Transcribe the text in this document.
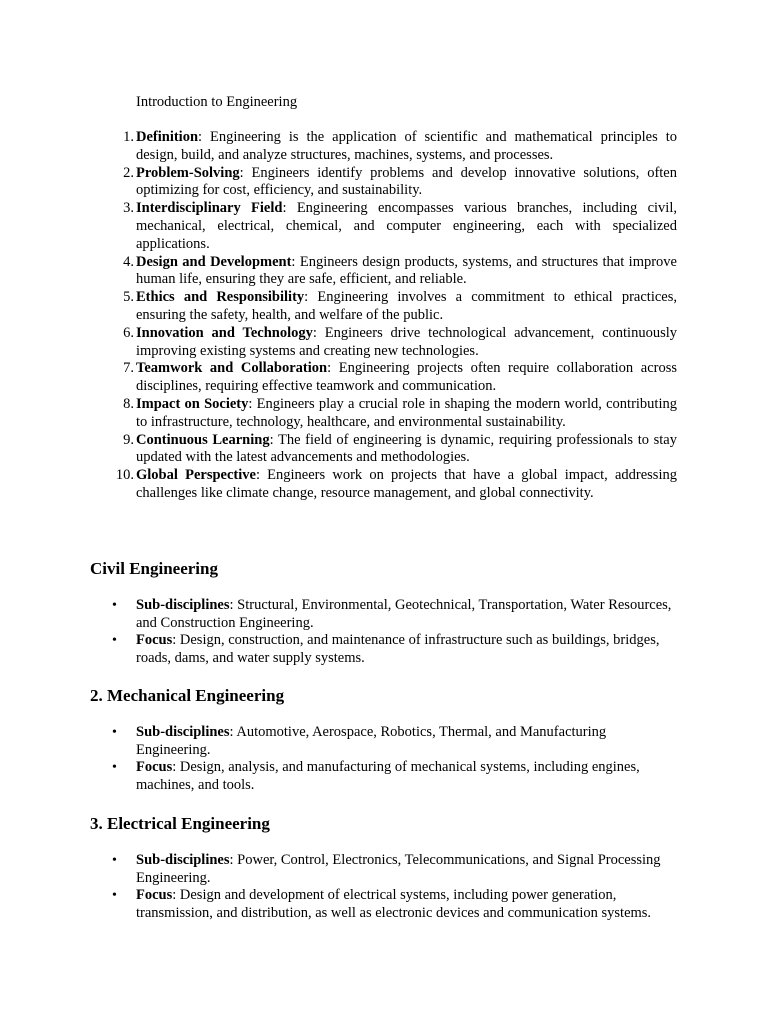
Introduction to Engineering
1. Definition: Engineering is the application of scientific and mathematical principles to design, build, and analyze structures, machines, systems, and processes.
2. Problem-Solving: Engineers identify problems and develop innovative solutions, often optimizing for cost, efficiency, and sustainability.
3. Interdisciplinary Field: Engineering encompasses various branches, including civil, mechanical, electrical, chemical, and computer engineering, each with specialized applications.
4. Design and Development: Engineers design products, systems, and structures that improve human life, ensuring they are safe, efficient, and reliable.
5. Ethics and Responsibility: Engineering involves a commitment to ethical practices, ensuring the safety, health, and welfare of the public.
6. Innovation and Technology: Engineers drive technological advancement, continuously improving existing systems and creating new technologies.
7. Teamwork and Collaboration: Engineering projects often require collaboration across disciplines, requiring effective teamwork and communication.
8. Impact on Society: Engineers play a crucial role in shaping the modern world, contributing to infrastructure, technology, healthcare, and environmental sustainability.
9. Continuous Learning: The field of engineering is dynamic, requiring professionals to stay updated with the latest advancements and methodologies.
10. Global Perspective: Engineers work on projects that have a global impact, addressing challenges like climate change, resource management, and global connectivity.
Civil Engineering
• Sub-disciplines: Structural, Environmental, Geotechnical, Transportation, Water Resources, and Construction Engineering.
• Focus: Design, construction, and maintenance of infrastructure such as buildings, bridges, roads, dams, and water supply systems.
2. Mechanical Engineering
• Sub-disciplines: Automotive, Aerospace, Robotics, Thermal, and Manufacturing Engineering.
• Focus: Design, analysis, and manufacturing of mechanical systems, including engines, machines, and tools.
3. Electrical Engineering
• Sub-disciplines: Power, Control, Electronics, Telecommunications, and Signal Processing Engineering.
• Focus: Design and development of electrical systems, including power generation, transmission, and distribution, as well as electronic devices and communication systems.
